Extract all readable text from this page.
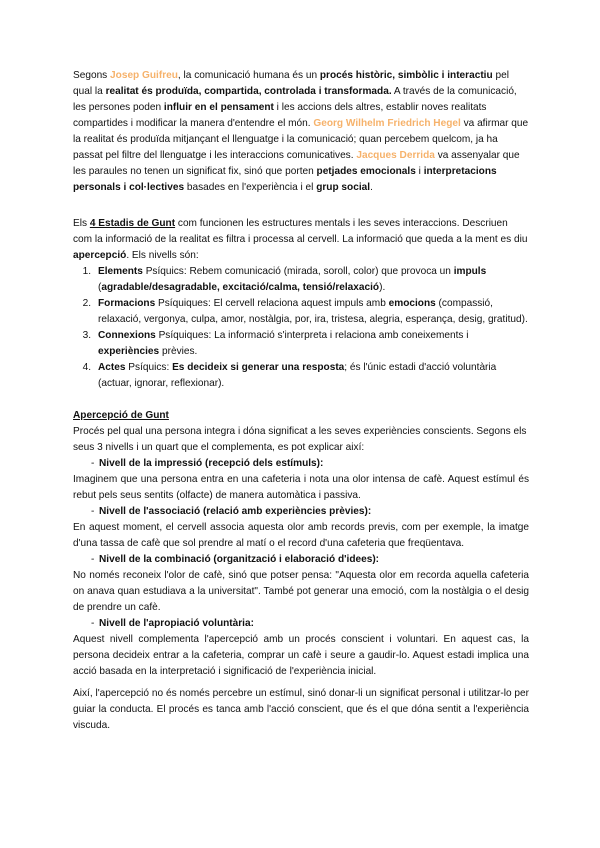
Segons Josep Guifreu, la comunicació humana és un procés històric, simbòlic i interactiu pel qual la realitat és produïda, compartida, controlada i transformada. A través de la comunicació, les persones poden influir en el pensament i les accions dels altres, establir noves realitats compartides i modificar la manera d'entendre el món. Georg Wilhelm Friedrich Hegel va afirmar que la realitat és produïda mitjançant el llenguatge i la comunicació; quan percebem quelcom, ja ha passat pel filtre del llenguatge i les interaccions comunicatives. Jacques Derrida va assenyalar que les paraules no tenen un significat fix, sinó que porten petjades emocionals i interpretacions personals i col·lectives basades en l'experiència i el grup social.

Els 4 Estadis de Gunt com funcionen les estructures mentals i les seves interaccions. Descriuen com la informació de la realitat es filtra i processa al cervell. La informació que queda a la ment es diu apercepció. Els nivells són:

1. Elements Psíquics: Rebem comunicació (mirada, soroll, color) que provoca un impuls (agradable/desagradable, excitació/calma, tensió/relaxació).
2. Formacions Psíquiques: El cervell relaciona aquest impuls amb emocions (compassió, relaxació, vergonya, culpa, amor, nostàlgia, por, ira, tristesa, alegria, esperança, desig, gratitud).
3. Connexions Psíquiques: La informació s'interpreta i relaciona amb coneixements i experiències prèvies.
4. Actes Psíquics: Es decideix si generar una resposta; és l'únic estadi d'acció voluntària (actuar, ignorar, reflexionar).

Apercepció de Gunt

Procés pel qual una persona integra i dóna significat a les seves experiències conscients. Segons els seus 3 nivells i un quart que el complementa, es pot explicar així:

- Nivell de la impressió (recepció dels estímuls):

Imaginem que una persona entra en una cafeteria i nota una olor intensa de cafè. Aquest estímul és rebut pels seus sentits (olfacte) de manera automàtica i passiva.

- Nivell de l'associació (relació amb experiències prèvies):

En aquest moment, el cervell associa aquesta olor amb records previs, com per exemple, la imatge d'una tassa de cafè que sol prendre al matí o el record d'una cafeteria que freqüentava.

- Nivell de la combinació (organització i elaboració d'idees):

No només reconeix l'olor de cafè, sinó que potser pensa: "Aquesta olor em recorda aquella cafeteria on anava quan estudiava a la universitat". També pot generar una emoció, com la nostàlgia o el desig de prendre un cafè.

- Nivell de l'apropiació voluntària:

Aquest nivell complementa l'apercepció amb un procés conscient i voluntari. En aquest cas, la persona decideix entrar a la cafeteria, comprar un cafè i seure a gaudir-lo. Aquest estadi implica una acció basada en la interpretació i significació de l'experiència inicial.

Així, l'apercepció no és només percebre un estímul, sinó donar-li un significat personal i utilitzar-lo per guiar la conducta. El procés es tanca amb l'acció conscient, que és el que dóna sentit a l'experiència viscuda.
